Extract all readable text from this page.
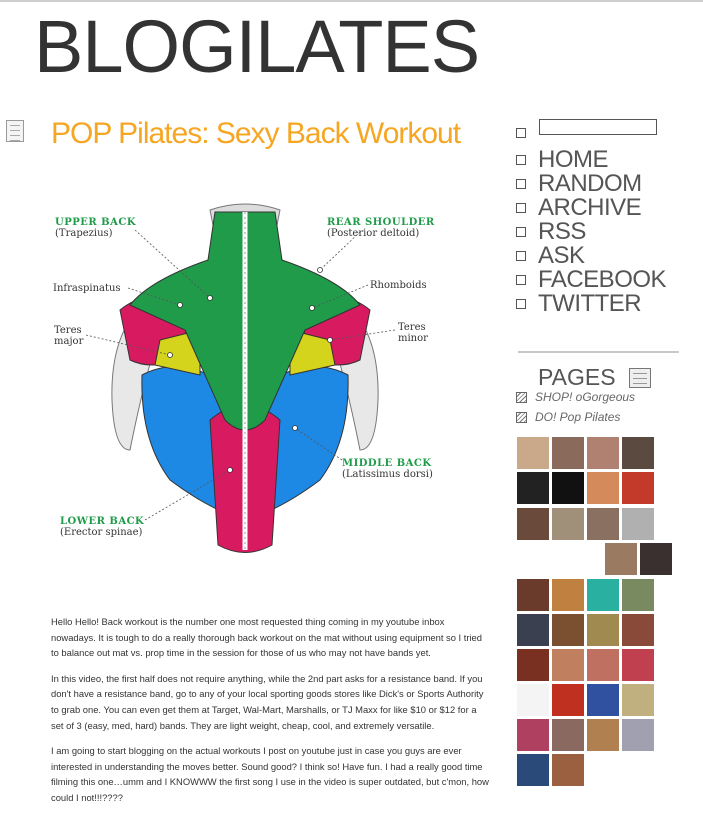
BLOGILATES
POP Pilates: Sexy Back Workout
UPPER BACK
(Trapezius)
REAR SHOULDER
(Posterior deltoid)
Infraspinatus	Rhomboids
Teres
major
Teres
minor
MIDDLE BACK
(Latissimus dorsi)
LOWER BACK
(Erector spinae)

Hello Hello! Back workout is the number one most requested thing coming in my youtube inbox nowadays. It is tough to do a really thorough back workout on the mat without using equipment so I tried to balance out mat vs. prop time in the session for those of us who may not have bands yet.

In this video, the first half does not require anything, while the 2nd part asks for a resistance band. If you don't have a resistance band, go to any of your local sporting goods stores like Dick's or Sports Authority to grab one. You can even get them at Target, Wal-Mart, Marshalls, or TJ Maxx for like $10 or $12 for a set of 3 (easy, med, hard) bands. They are light weight, cheap, cool, and extremely versatile.

I am going to start blogging on the actual workouts I post on youtube just in case you guys are ever interested in understanding the moves better. Sound good? I think so! Have fun. I had a really good time filming this one…umm and I KNOWWW the first song I use in the video is super outdated, but c'mon, how could I not!!!????

HOME
RANDOM
ARCHIVE
RSS
ASK
FACEBOOK
TWITTER
PAGES
SHOP! oGorgeous
DO! Pop Pilates
